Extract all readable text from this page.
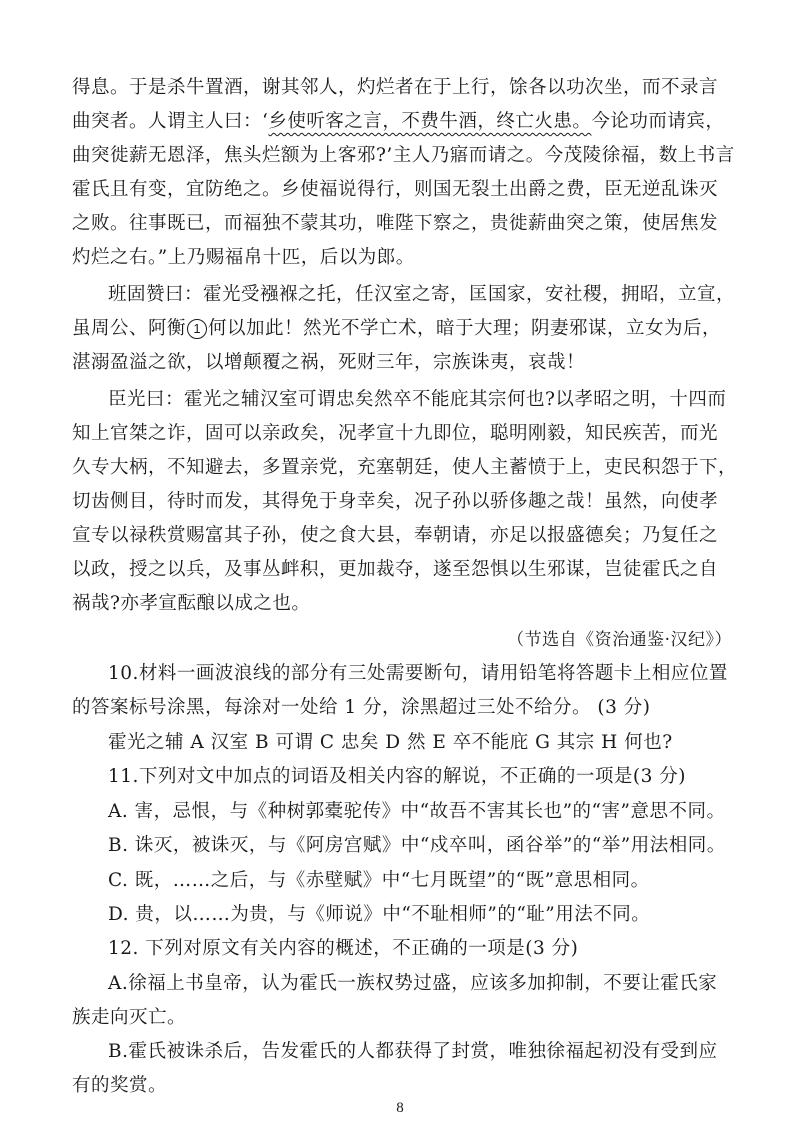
得息。于是杀牛置酒，谢其邻人，灼烂者在于上行，馀各以功次坐，而不录言
曲突者。人谓主人曰：‘乡使听客之言，不费牛酒，终亡火患。今论功而请宾，
曲突徙薪无恩泽，焦头烂额为上客邪?’主人乃寤而请之。今茂陵徐福，数上书言
霍氏且有变，宜防绝之。乡使福说得行，则国无裂土出爵之费，臣无逆乱诛灭
之败。往事既已，而福独不蒙其功，唯陛下察之，贵徙薪曲突之策，使居焦发
灼烂之右。”上乃赐福帛十匹，后以为郎。
班固赞曰：霍光受襁褓之托，任汉室之寄，匡国家，安社稷，拥昭，立宣，
虽周公、阿衡 1 何以加此！然光不学亡术，暗于大理；阴妻邪谋，立女为后，
湛溺盈溢之欲，以增颠覆之祸，死财三年，宗族诛夷，哀哉！
臣光曰：霍光之辅汉室可谓忠矣然卒不能庇其宗何也?以孝昭之明，十四而
知上官桀之诈，固可以亲政矣，况孝宣十九即位，聪明刚毅，知民疾苦，而光
久专大柄，不知避去，多置亲党，充塞朝廷，使人主蓄愤于上，吏民积怨于下，
切齿侧目，待时而发，其得免于身幸矣，况子孙以骄侈趣之哉！虽然，向使孝
宣专以禄秩赏赐富其子孙，使之食大县，奉朝请，亦足以报盛德矣；乃复任之
以政，授之以兵，及事丛衅积，更加裁夺，遂至怨惧以生邪谋，岂徒霍氏之自
祸哉?亦孝宣酝酿以成之也。
（节选自《资治通鉴·汉纪》）
10.材料一画波浪线的部分有三处需要断句，请用铅笔将答题卡上相应位置
的答案标号涂黑，每涂对一处给 1 分，涂黑超过三处不给分。 (3 分)
霍光之辅 A 汉室 B 可谓 C 忠矣 D 然 E 卒不能庇 G 其宗 H 何也?
11.下列对文中加点的词语及相关内容的解说，不正确的一项是(3 分)
A. 害，忌恨，与《种树郭橐驼传》中“故吾不害其长也”的“害”意思不同。
B. 诛灭，被诛灭，与《阿房宫赋》中“戍卒叫，函谷举”的“举”用法相同。
C. 既，……之后，与《赤壁赋》中“七月既望”的“既”意思相同。
D. 贵，以……为贵，与《师说》中“不耻相师”的“耻”用法不同。
12. 下列对原文有关内容的概述，不正确的一项是(3 分)
A.徐福上书皇帝，认为霍氏一族权势过盛，应该多加抑制，不要让霍氏家
族走向灭亡。
B.霍氏被诛杀后，告发霍氏的人都获得了封赏，唯独徐福起初没有受到应
有的奖赏。
8
